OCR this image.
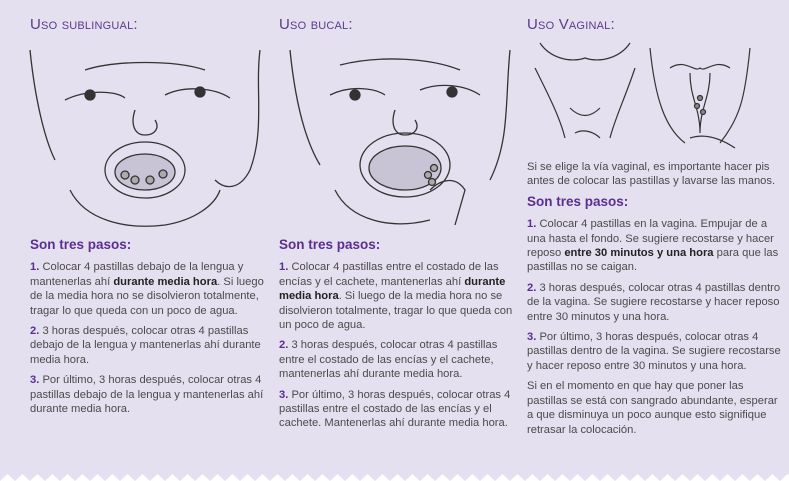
Uso sublingual:
Son tres pasos:

1. Colocar 4 pastillas debajo de la lengua y mantenerlas ahí durante media hora. Si luego de la media hora no se disolvieron totalmente, tragar lo que queda con un poco de agua.

2. 3 horas después, colocar otras 4 pastillas debajo de la lengua y mantenerlas ahí durante media hora.

3. Por último, 3 horas después, colocar otras 4 pastillas debajo de la lengua y mantenerlas ahí durante media hora.

Uso bucal:
Son tres pasos:

1. Colocar 4 pastillas entre el costado de las encías y el cachete, mantenerlas ahí durante media hora. Si luego de la media hora no se disolvieron totalmente, tragar lo que queda con un poco de agua.

2. 3 horas después, colocar otras 4 pastillas entre el costado de las encías y el cachete, mantenerlas ahí durante media hora.

3. Por último, 3 horas después, colocar otras 4 pastillas entre el costado de las encías y el cachete. Mantenerlas ahí durante media hora.

Uso Vaginal:

Si se elige la vía vaginal, es importante hacer pis antes de colocar las pastillas y lavarse las manos.

Son tres pasos:

1. Colocar 4 pastillas en la vagina. Empujar de a una hasta el fondo. Se sugiere recostarse y hacer reposo entre 30 minutos y una hora para que las pastillas no se caigan.

2. 3 horas después, colocar otras 4 pastillas dentro de la vagina. Se sugiere recostarse y hacer reposo entre 30 minutos y una hora.

3. Por último, 3 horas después, colocar otras 4 pastillas dentro de la vagina. Se sugiere recostarse y hacer reposo entre 30 minutos y una hora.

Si en el momento en que hay que poner las pastillas se está con sangrado abundante, esperar a que disminuya un poco aunque esto signifique retrasar la colocación.
